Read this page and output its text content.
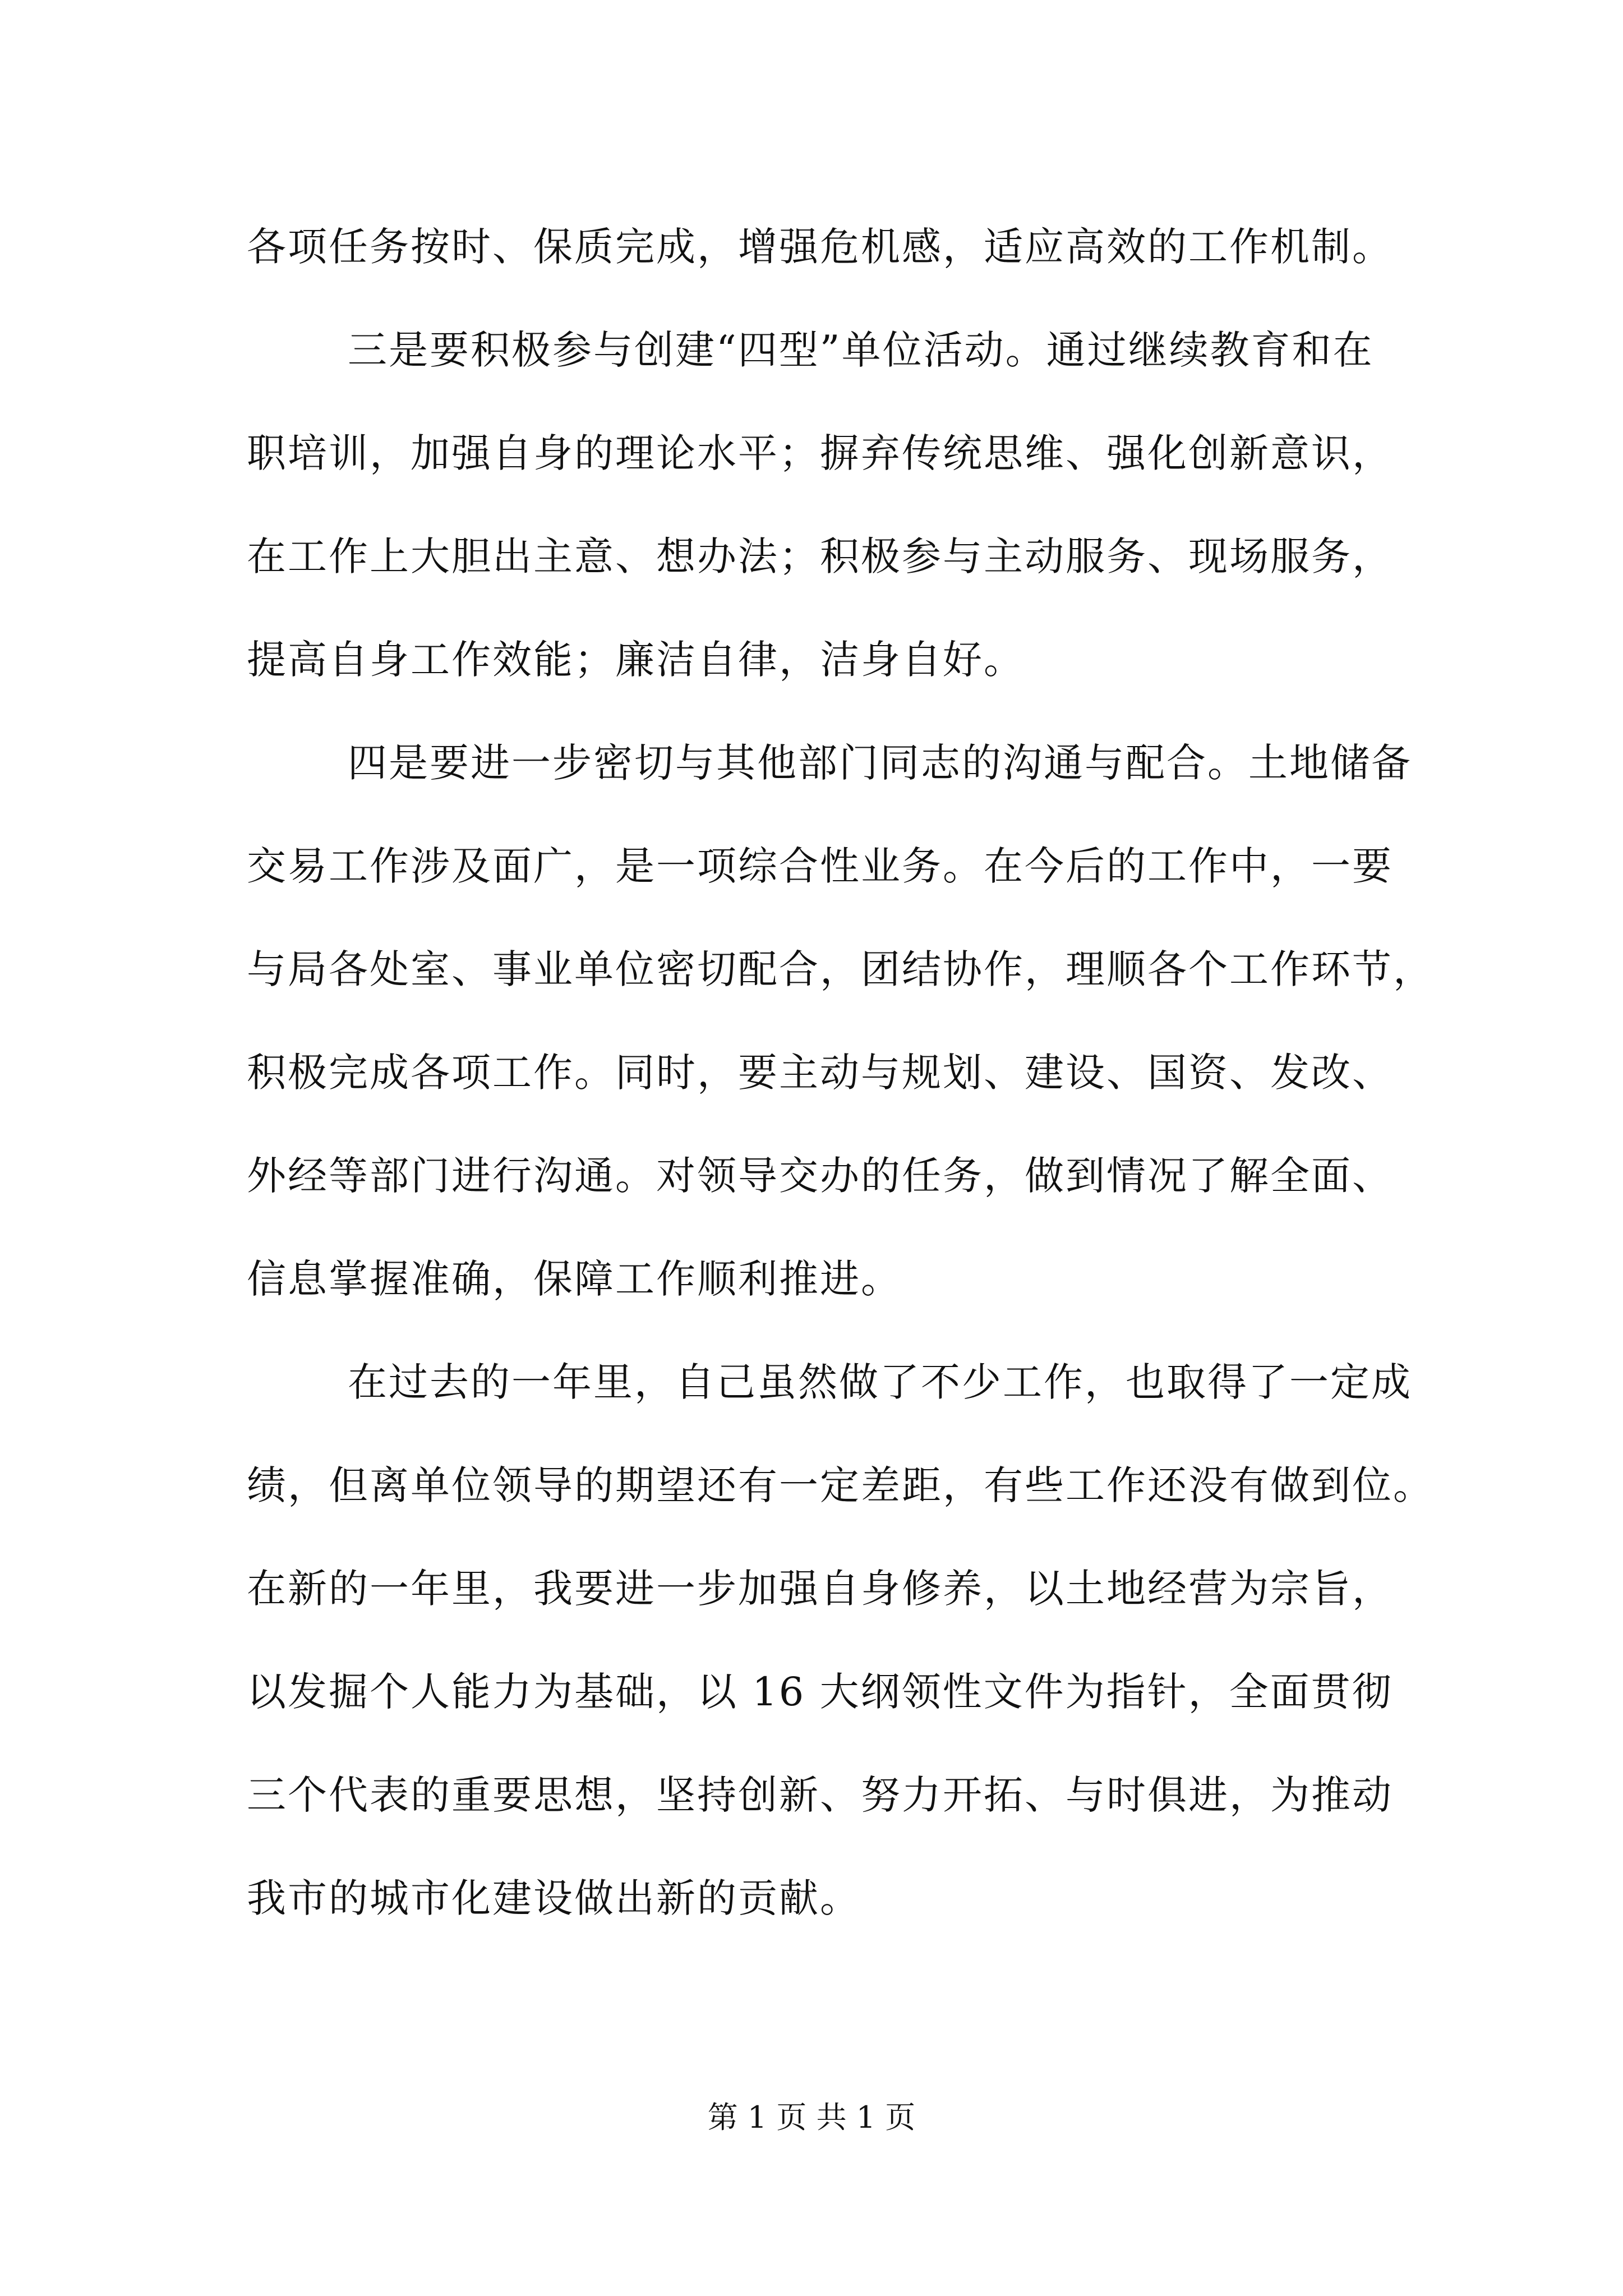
各项任务按时、保质完成，增强危机感，适应高效的工作机制。
三是要积极参与创建“四型”单位活动。通过继续教育和在
职培训，加强自身的理论水平；摒弃传统思维、强化创新意识，
在工作上大胆出主意、想办法；积极参与主动服务、现场服务，
提高自身工作效能；廉洁自律，洁身自好。
四是要进一步密切与其他部门同志的沟通与配合。土地储备
交易工作涉及面广，是一项综合性业务。在今后的工作中，一要
与局各处室、事业单位密切配合，团结协作，理顺各个工作环节，
积极完成各项工作。同时，要主动与规划、建设、国资、发改、
外经等部门进行沟通。对领导交办的任务，做到情况了解全面、
信息掌握准确，保障工作顺利推进。
在过去的一年里，自己虽然做了不少工作，也取得了一定成
绩，但离单位领导的期望还有一定差距，有些工作还没有做到位。
在新的一年里，我要进一步加强自身修养，以土地经营为宗旨，
以发掘个人能力为基础，以 16 大纲领性文件为指针，全面贯彻
三个代表的重要思想，坚持创新、努力开拓、与时俱进，为推动
我市的城市化建设做出新的贡献。
第 1 页 共 1 页
